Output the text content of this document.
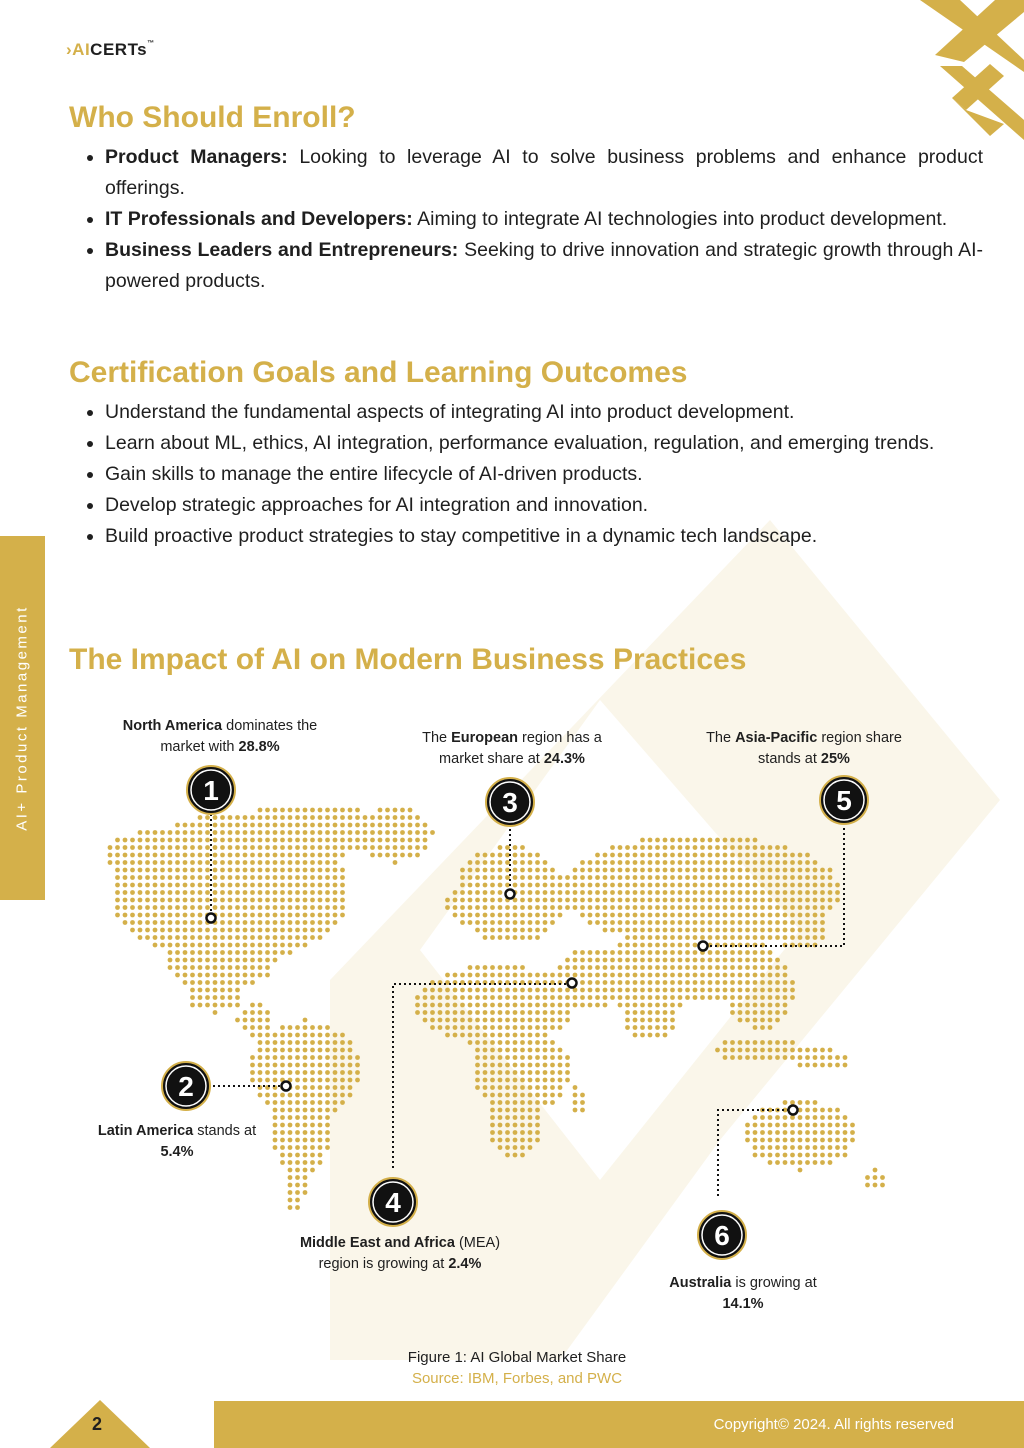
›AICERTs™
AI+ Product Management
Who Should Enroll?
• Product Managers: Looking to leverage AI to solve business problems and enhance product offerings.
• IT Professionals and Developers: Aiming to integrate AI technologies into product development.
• Business Leaders and Entrepreneurs: Seeking to drive innovation and strategic growth through AI-powered products.
Certification Goals and Learning Outcomes
• Understand the fundamental aspects of integrating AI into product development.
• Learn about ML, ethics, AI integration, performance evaluation, regulation, and emerging trends.
• Gain skills to manage the entire lifecycle of AI-driven products.
• Develop strategic approaches for AI integration and innovation.
• Build proactive product strategies to stay competitive in a dynamic tech landscape.
The Impact of AI on Modern Business Practices
1
2
3
4
5
6
North America dominates the market with 28.8%
Latin America stands at 5.4%
The European region has a market share at 24.3%
Middle East and Africa (MEA) region is growing at 2.4%
The Asia-Pacific region share stands at 25%
Australia is growing at 14.1%
Figure 1: AI Global Market Share
Source: IBM, Forbes, and PWC
Copyright© 2024. All rights reserved
2
